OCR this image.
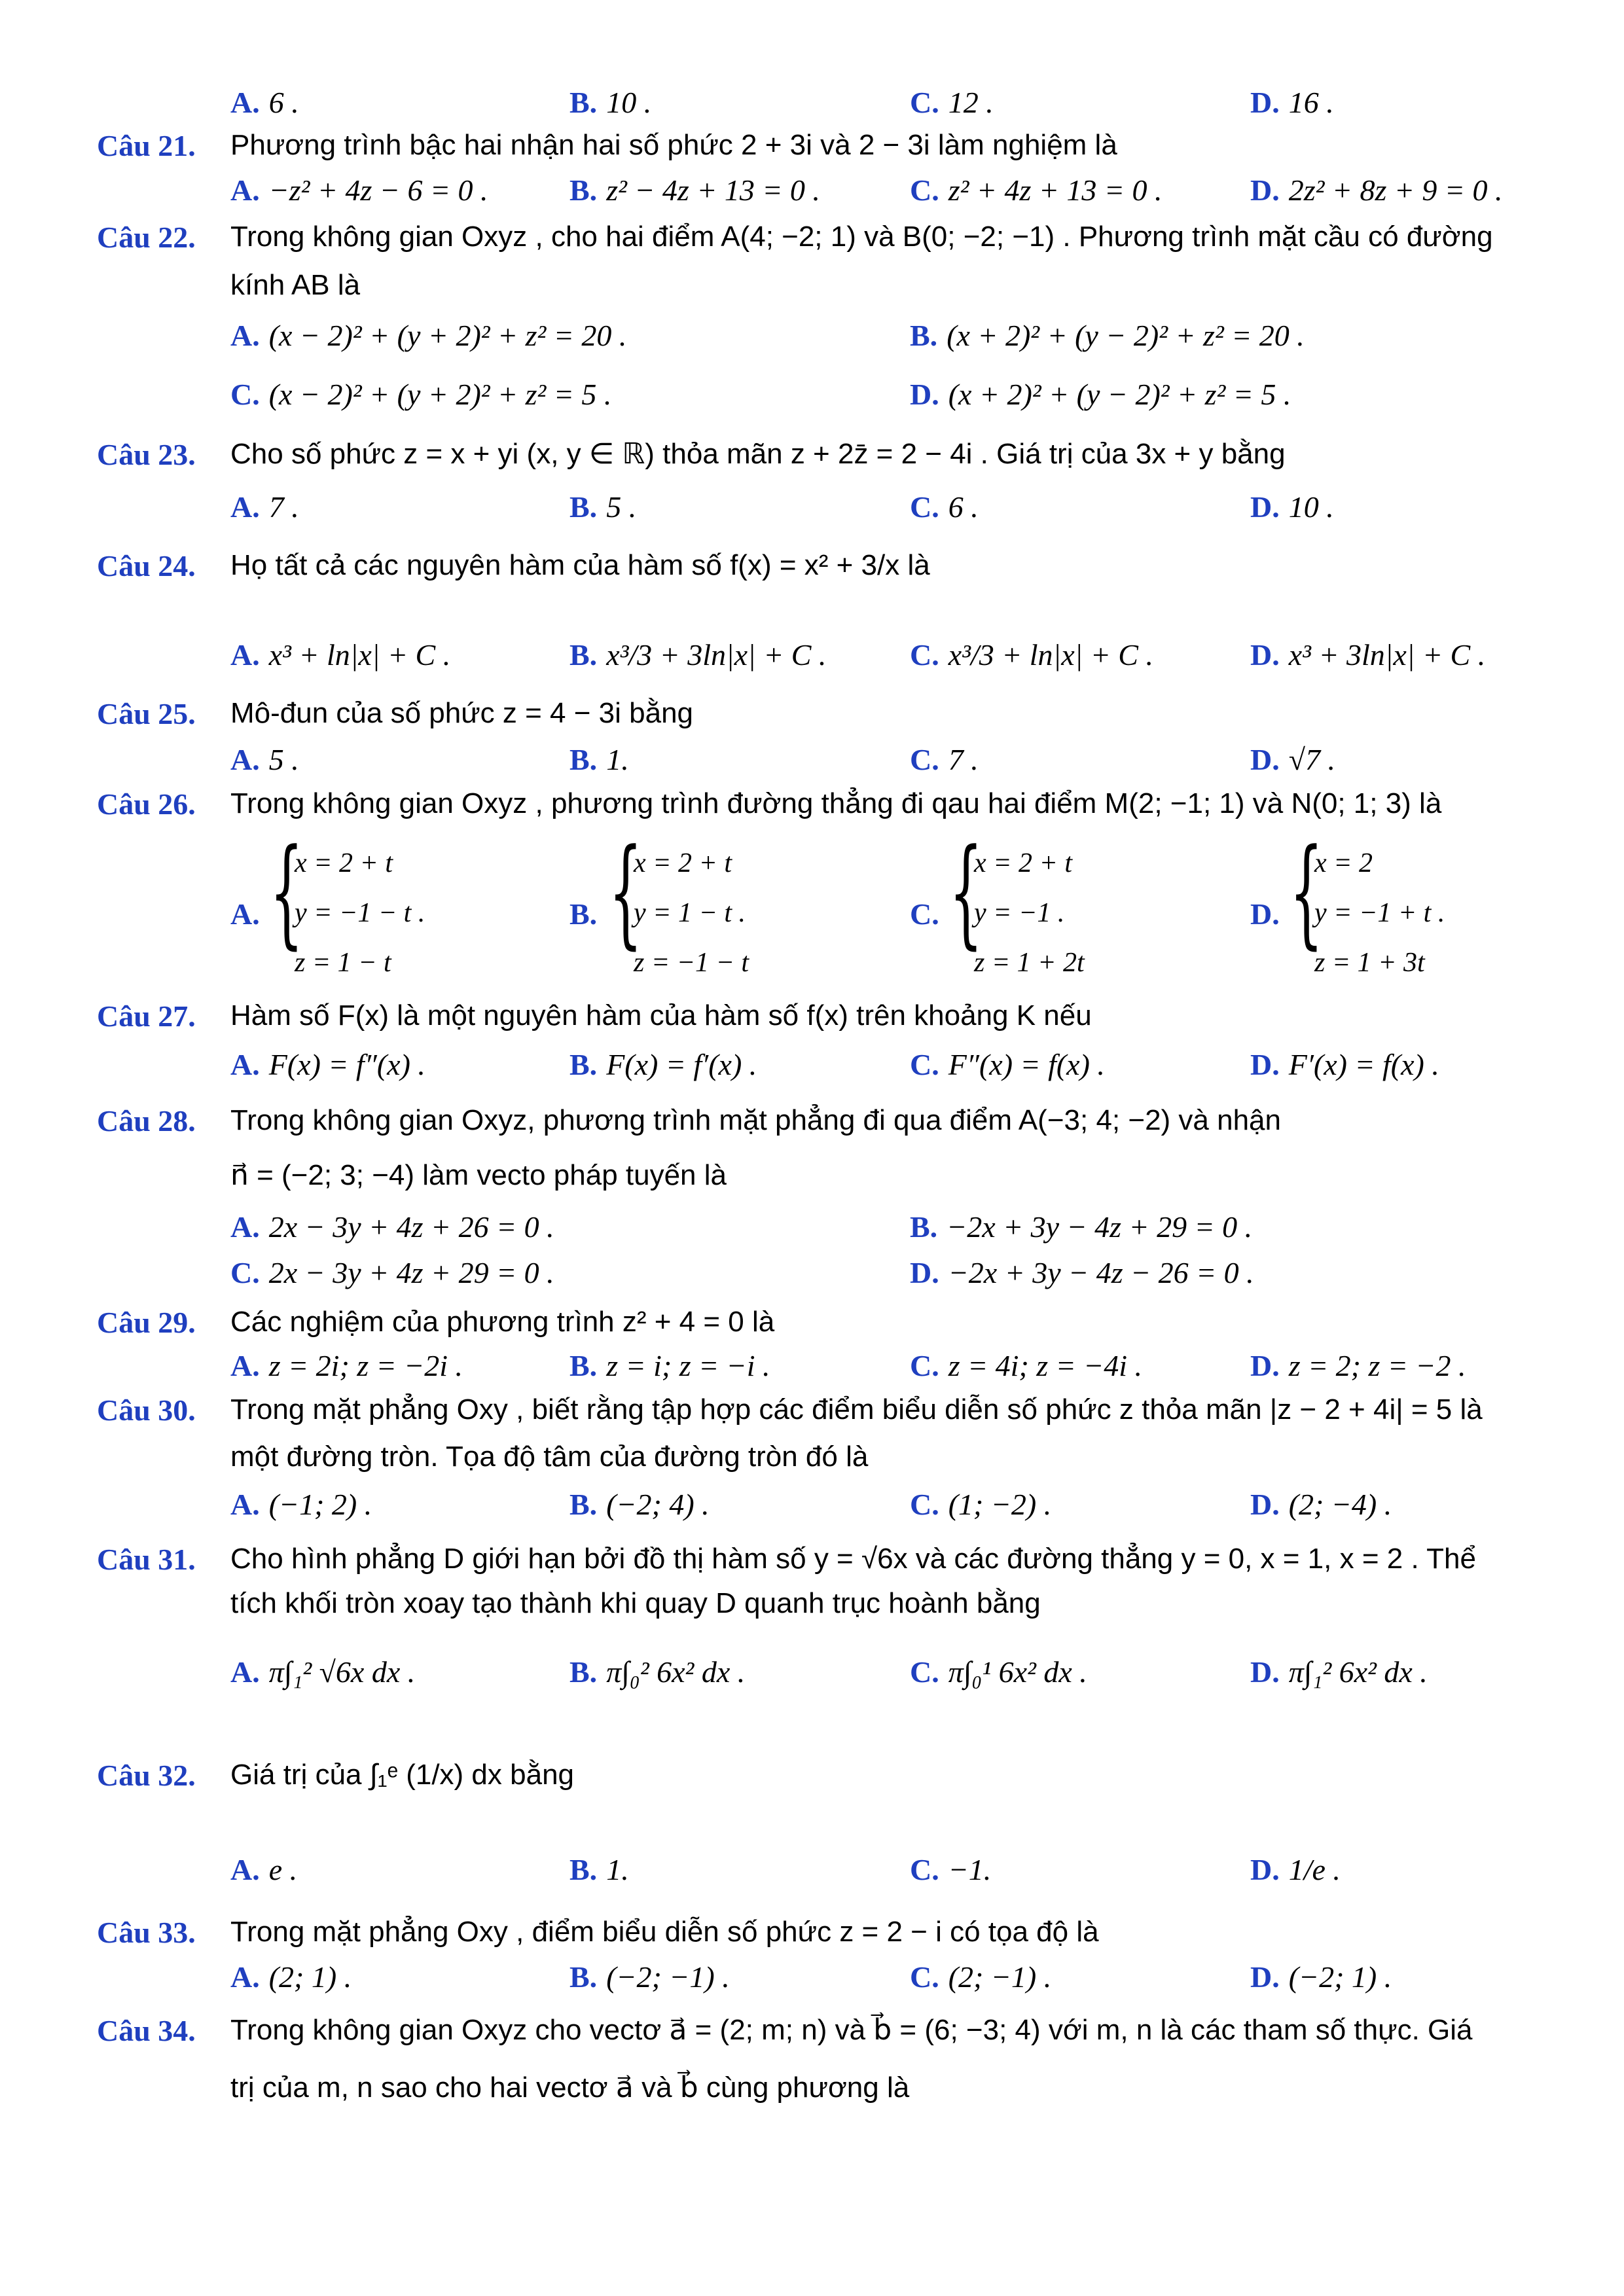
A. 6 .	B. 10 .	C. 12 .	D. 16 .
Câu 21. Phương trình bậc hai nhận hai số phức 2 + 3i và 2 − 3i làm nghiệm là
A. −z² + 4z − 6 = 0 .	B. z² − 4z + 13 = 0 .	C. z² + 4z + 13 = 0 .	D. 2z² + 8z + 9 = 0 .
Câu 22. Trong không gian Oxyz , cho hai điểm A(4; −2; 1) và B(0; −2; −1) . Phương trình mặt cầu có đường
kính AB là
A. (x − 2)² + (y + 2)² + z² = 20 .	B. (x + 2)² + (y − 2)² + z² = 20 .
C. (x − 2)² + (y + 2)² + z² = 5 .	D. (x + 2)² + (y − 2)² + z² = 5 .
Câu 23. Cho số phức z = x + yi (x, y ∈ ℝ) thỏa mãn z + 2z̄ = 2 − 4i . Giá trị của 3x + y bằng
A. 7 .	B. 5 .	C. 6 .	D. 10 .
Câu 24. Họ tất cả các nguyên hàm của hàm số f(x) = x² + 3/x là
A. x³ + ln|x| + C .	B. x³/3 + 3ln|x| + C .	C. x³/3 + ln|x| + C .	D. x³ + 3ln|x| + C .
Câu 25. Mô-đun của số phức z = 4 − 3i bằng
A. 5 .	B. 1.	C. 7 .	D. √7 .
Câu 26. Trong không gian Oxyz , phương trình đường thẳng đi qau hai điểm M(2; −1; 1) và N(0; 1; 3) là
A. {
x = 2 + t
y = −1 − t .
z = 1 − t
B. {
x = 2 + t
y = 1 − t .
z = −1 − t
C. {
x = 2 + t
y = −1 .
z = 1 + 2t
D. {
x = 2
y = −1 + t .
z = 1 + 3t
Câu 27. Hàm số F(x) là một nguyên hàm của hàm số f(x) trên khoảng K nếu
A. F(x) = f″(x) .	B. F(x) = f′(x) .	C. F″(x) = f(x) .	D. F′(x) = f(x) .
Câu 28. Trong không gian Oxyz, phương trình mặt phẳng đi qua điểm A(−3; 4; −2) và nhận
n⃗ = (−2; 3; −4) làm vecto pháp tuyến là
A. 2x − 3y + 4z + 26 = 0 .	B. −2x + 3y − 4z + 29 = 0 .
C. 2x − 3y + 4z + 29 = 0 .	D. −2x + 3y − 4z − 26 = 0 .
Câu 29. Các nghiệm của phương trình z² + 4 = 0 là
A. z = 2i; z = −2i .	B. z = i; z = −i .	C. z = 4i; z = −4i .	D. z = 2; z = −2 .
Câu 30. Trong mặt phẳng Oxy , biết rằng tập hợp các điểm biểu diễn số phức z thỏa mãn |z − 2 + 4i| = 5 là
một đường tròn. Tọa độ tâm của đường tròn đó là
A. (−1; 2) .	B. (−2; 4) .	C. (1; −2) .	D. (2; −4) .
Câu 31. Cho hình phẳng D giới hạn bởi đồ thị hàm số y = √6x và các đường thẳng y = 0, x = 1, x = 2 . Thể
tích khối tròn xoay tạo thành khi quay D quanh trục hoành bằng
A. π∫₁² √6x dx .	B. π∫₀² 6x² dx .	C. π∫₀¹ 6x² dx .	D. π∫₁² 6x² dx .
Câu 32. Giá trị của ∫₁ᵉ (1/x) dx bằng
A. e .	B. 1.	C. −1.	D. 1/e .
Câu 33. Trong mặt phẳng Oxy , điểm biểu diễn số phức z = 2 − i có tọa độ là
A. (2; 1) .	B. (−2; −1) .	C. (2; −1) .	D. (−2; 1) .
Câu 34. Trong không gian Oxyz cho vectơ a⃗ = (2; m; n) và b⃗ = (6; −3; 4) với m, n là các tham số thực. Giá
trị của m, n sao cho hai vectơ a⃗ và b⃗ cùng phương là
